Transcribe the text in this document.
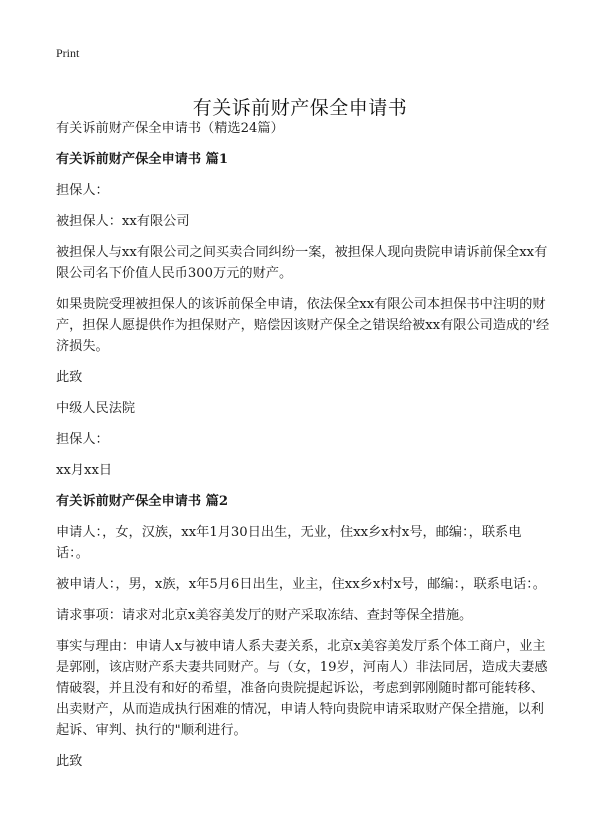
Print
有关诉前财产保全申请书

有关诉前财产保全申请书（精选24篇）

有关诉前财产保全申请书 篇1

担保人：

被担保人：xx有限公司

被担保人与xx有限公司之间买卖合同纠纷一案，被担保人现向贵院申请诉前保全xx有限公司名下价值人民币300万元的财产。

如果贵院受理被担保人的该诉前保全申请，依法保全xx有限公司本担保书中注明的财产，担保人愿提供作为担保财产，赔偿因该财产保全之错误给被xx有限公司造成的'经济损失。

此致

中级人民法院

担保人：

xx月xx日

有关诉前财产保全申请书 篇2

申请人：，女，汉族，xx年1月30日出生，无业，住xx乡x村x号，邮编：，联系电话：。

被申请人：，男，x族，x年5月6日出生，业主，住xx乡x村x号，邮编：，联系电话：。

请求事项：请求对北京x美容美发厅的财产采取冻结、查封等保全措施。

事实与理由：申请人x与被申请人系夫妻关系，北京x美容美发厅系个体工商户，业主是郭刚，该店财产系夫妻共同财产。与（女，19岁，河南人）非法同居，造成夫妻感情破裂，并且没有和好的希望，准备向贵院提起诉讼，考虑到郭刚随时都可能转移、出卖财产，从而造成执行困难的情况，申请人特向贵院申请采取财产保全措施，以利起诉、审判、执行的"顺利进行。

此致
